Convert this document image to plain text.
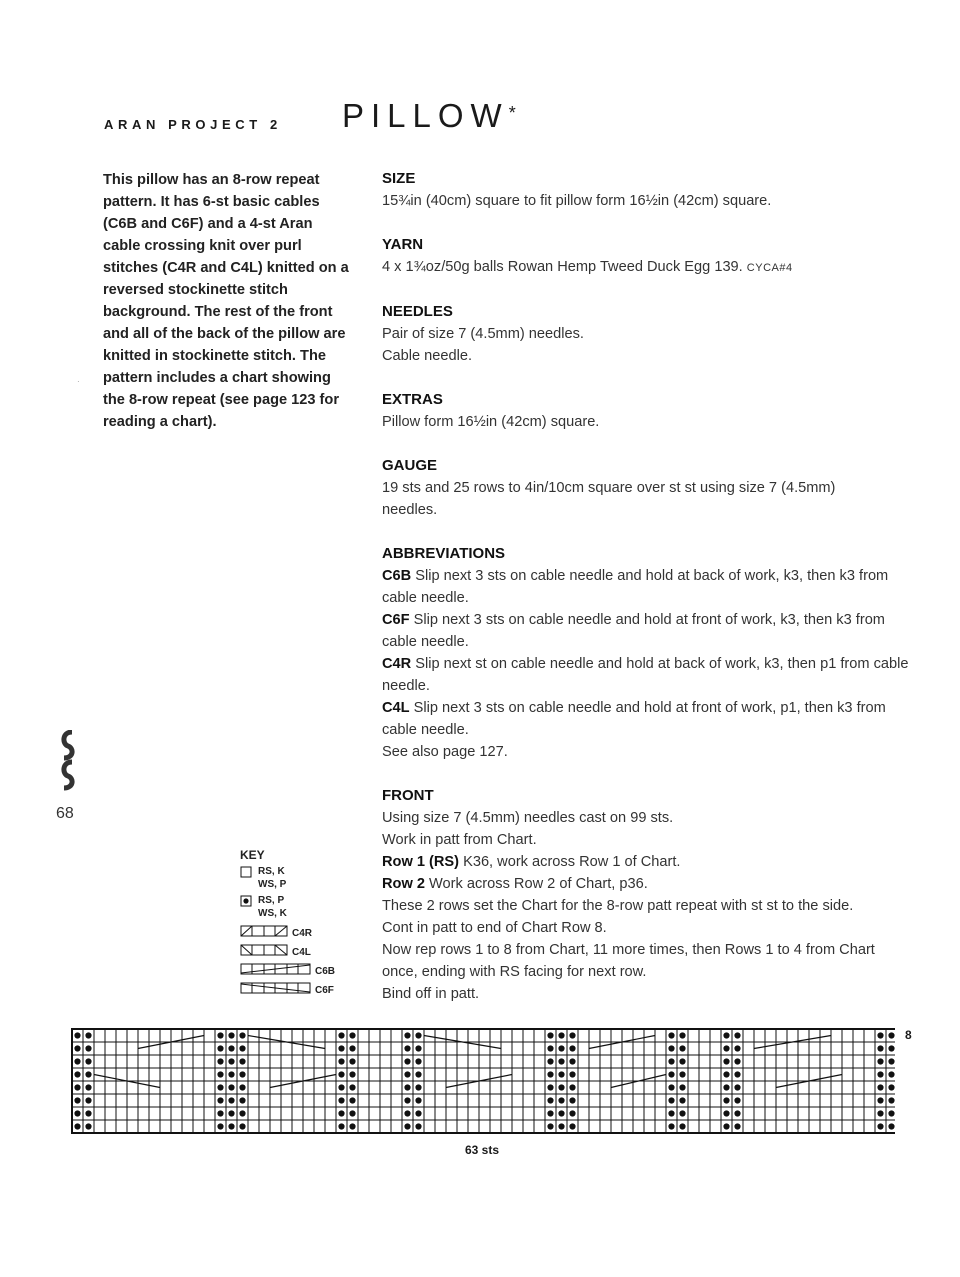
ARAN PROJECT 2 PILLOW*
This pillow has an 8-row repeat pattern. It has 6-st basic cables (C6B and C6F) and a 4-st Aran cable crossing knit over purl stitches (C4R and C4L) knitted on a reversed stockinette stitch background. The rest of the front and all of the back of the pillow are knitted in stockinette stitch. The pattern includes a chart showing the 8-row repeat (see page 123 for reading a chart).
·
SIZE

15¾in (40cm) square to fit pillow form 16½in (42cm) square.

YARN

4 x 1¾oz/50g balls Rowan Hemp Tweed Duck Egg 139. CYCA#4

NEEDLES

Pair of size 7 (4.5mm) needles.

Cable needle.

EXTRAS

Pillow form 16½in (42cm) square.

GAUGE

19 sts and 25 rows to 4in/10cm square over st st using size 7 (4.5mm) needles.

ABBREVIATIONS

C6B Slip next 3 sts on cable needle and hold at back of work, k3, then k3 from cable needle.

C6F Slip next 3 sts on cable needle and hold at front of work, k3, then k3 from cable needle.

C4R Slip next st on cable needle and hold at back of work, k3, then p1 from cable needle.

C4L Slip next 3 sts on cable needle and hold at front of work, p1, then k3 from cable needle.

See also page 127.

FRONT

Using size 7 (4.5mm) needles cast on 99 sts.

Work in patt from Chart.

Row 1 (RS) K36, work across Row 1 of Chart.

Row 2 Work across Row 2 of Chart, p36.

These 2 rows set the Chart for the 8-row patt repeat with st st to the side.

Cont in patt to end of Chart Row 8.

Now rep rows 1 to 8 from Chart, 11 more times, then Rows 1 to 4 from Chart once, ending with RS facing for next row.

Bind off in patt.

68
KEY
RS, K
WS, P
RS, P
WS, K
C4R
C4L
C6B
C6F
8
63 sts
